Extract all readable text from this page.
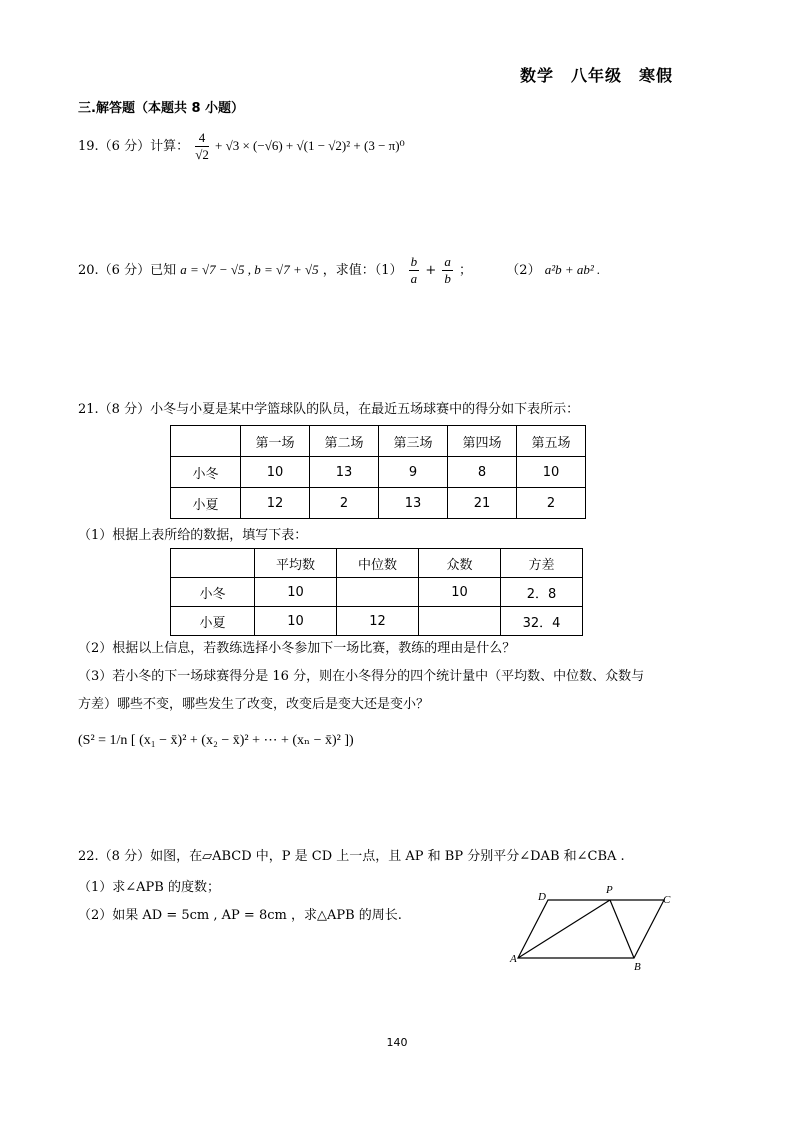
数学　八年级　寒假
三.解答题（本题共 8 小题）
19.（6 分）计算： $\frac{4}{√2} + √3 \times (-√6) + √(1 - √2)^2 + (3 - \pi)^0$
20.（6 分）已知 a = √7 − √5 , b = √7 + √5 ，求值：$(1) \frac{b}{a} + \frac{a}{b}$ ；	（2） a²b + ab² .
21.（8 分）小冬与小夏是某中学篮球队的队员，在最近五场球赛中的得分如下表所示：
	第一场	第二场	第三场	第四场	第五场
小冬	10	13	9	8	10
小夏	12	2	13	21	2
（1）根据上表所给的数据，填写下表：
	平均数	中位数	众数	方差
小冬	10		10	2．8
小夏	10	12		32．4
（2）根据以上信息，若教练选择小冬参加下一场比赛，教练的理由是什么？
（3）若小冬的下一场球赛得分是 16 分，则在小冬得分的四个统计量中（平均数、中位数、众数与
方差）哪些不变，哪些发生了改变，改变后是变大还是变小？
(S² = 1/n [ (x₁ − x̄)² + (x₂ − x̄)² + ⋯ + (xₙ − x̄)² ])
22.（8 分）如图，在▱ABCD 中，P 是 CD 上一点，且 AP 和 BP 分别平分∠DAB 和∠CBA .
（1）求∠APB 的度数；
（2）如果 AD = 5cm , AP = 8cm ，求△APB 的周长.
D
P
C
A
B
140
